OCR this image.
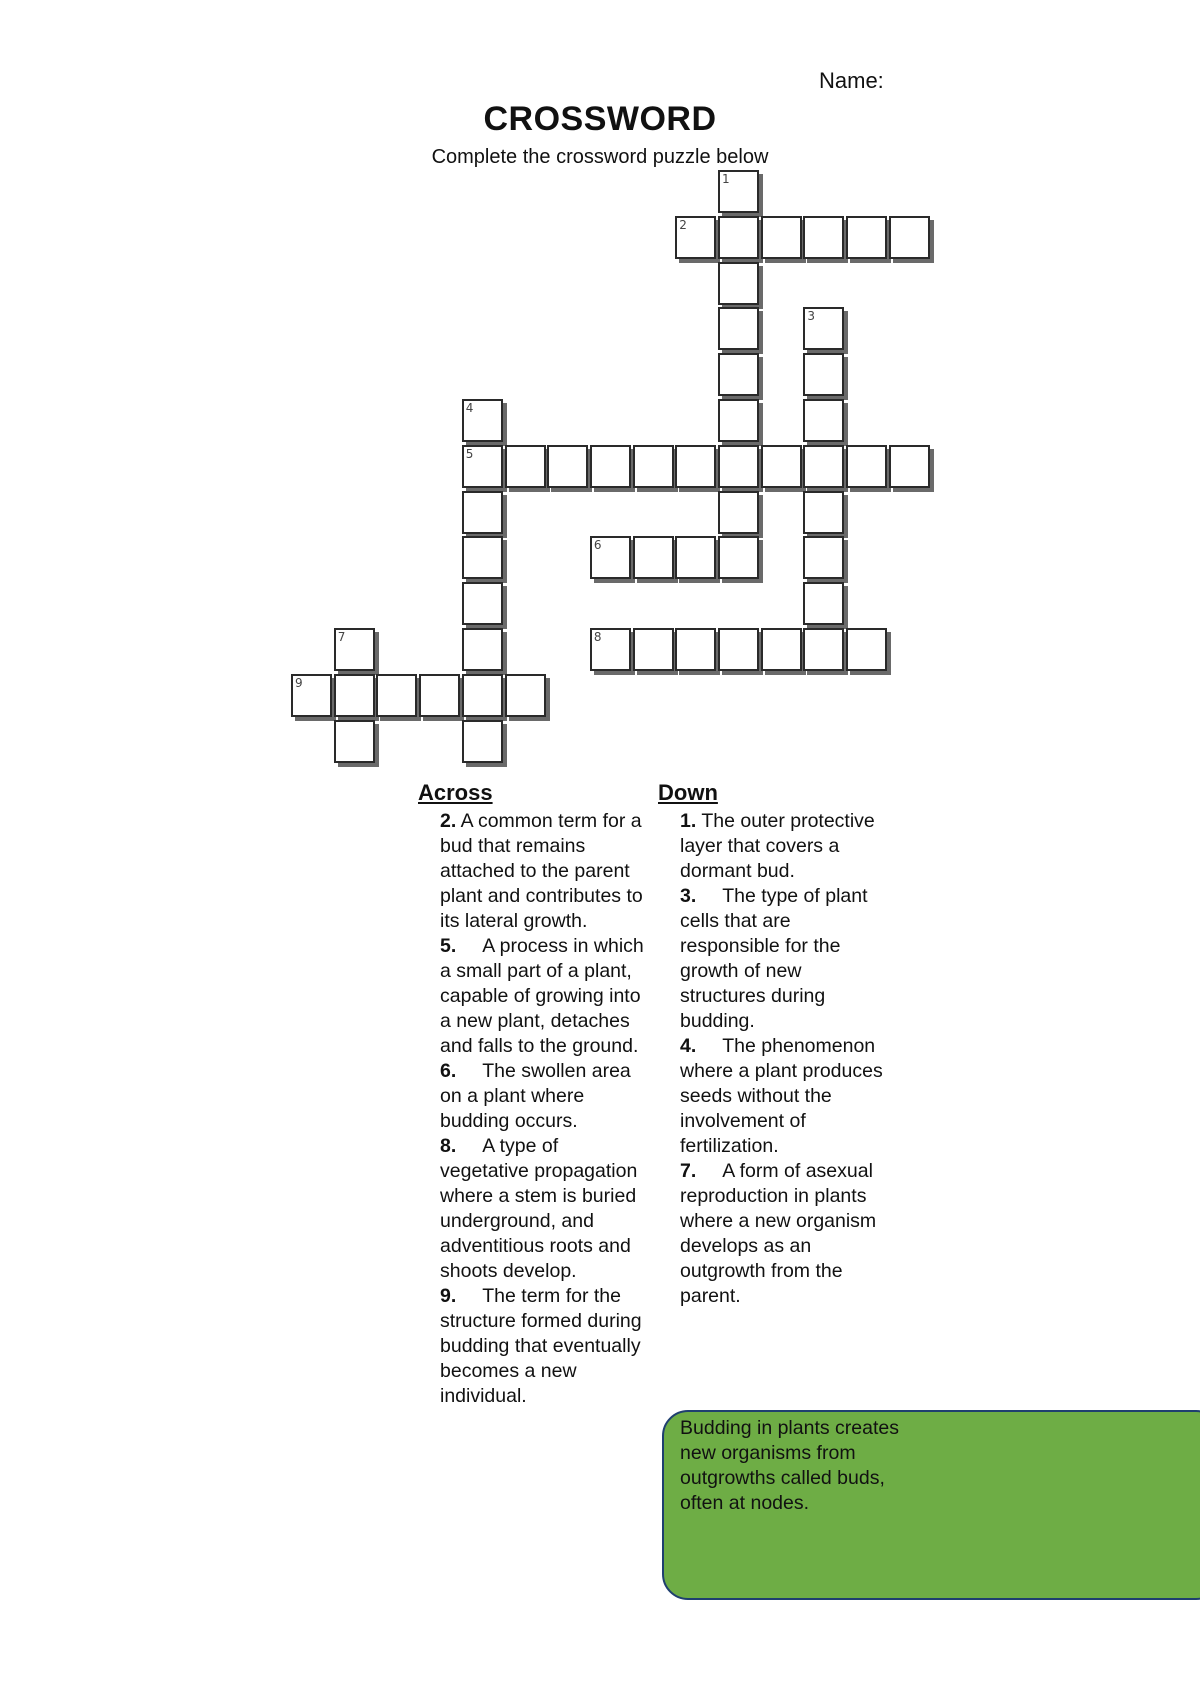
Name:
CROSSWORD
Complete the crossword puzzle below
1
2
3
4
5
6
7	8
9
Across

2. A common term for a bud that remains attached to the parent plant and contributes to its lateral growth.

5. A process in which a small part of a plant, capable of growing into a new plant, detaches and falls to the ground.

6. The swollen area on a plant where budding occurs.

8. A type of vegetative propagation where a stem is buried underground, and adventitious roots and shoots develop.

9. The term for the structure formed during budding that eventually becomes a new individual.

Down

1. The outer protective layer that covers a dormant bud.

3. The type of plant cells that are responsible for the growth of new structures during budding.

4. The phenomenon where a plant produces seeds without the involvement of fertilization.

7. A form of asexual reproduction in plants where a new organism develops as an outgrowth from the parent.

Budding in plants creates new organisms from outgrowths called buds, often at nodes.
